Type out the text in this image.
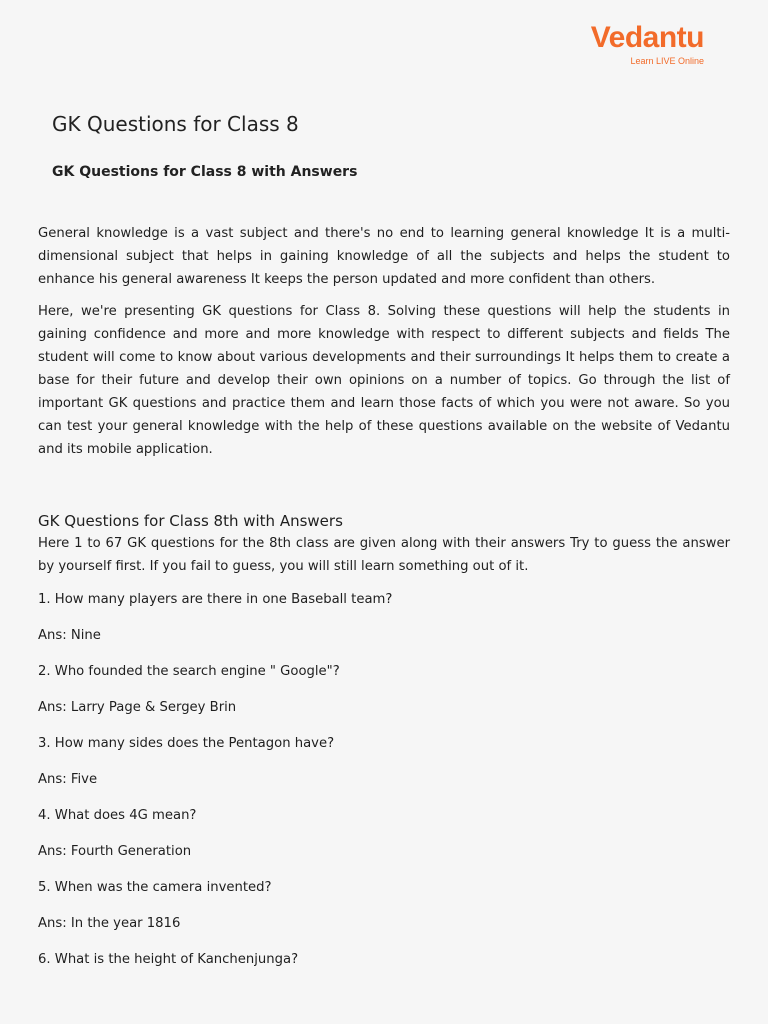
Vedantu
Learn LIVE Online
GK Questions for Class 8
GK Questions for Class 8 with Answers

General knowledge is a vast subject and there's no end to learning general knowledge It is a multi-dimensional subject that helps in gaining knowledge of all the subjects and helps the student to enhance his general awareness It keeps the person updated and more confident than others.

Here, we're presenting GK questions for Class 8. Solving these questions will help the students in gaining confidence and more and more knowledge with respect to different subjects and fields The student will come to know about various developments and their surroundings It helps them to create a base for their future and develop their own opinions on a number of topics. Go through the list of important GK questions and practice them and learn those facts of which you were not aware. So you can test your general knowledge with the help of these questions available on the website of Vedantu and its mobile application.

GK Questions for Class 8th with Answers

Here 1 to 67 GK questions for the 8th class are given along with their answers Try to guess the answer by yourself first. If you fail to guess, you will still learn something out of it.

1. How many players are there in one Baseball team?

Ans: Nine

2. Who founded the search engine " Google"?

Ans: Larry Page & Sergey Brin

3. How many sides does the Pentagon have?

Ans: Five

4. What does 4G mean?

Ans: Fourth Generation

5. When was the camera invented?

Ans: In the year 1816

6. What is the height of Kanchenjunga?
